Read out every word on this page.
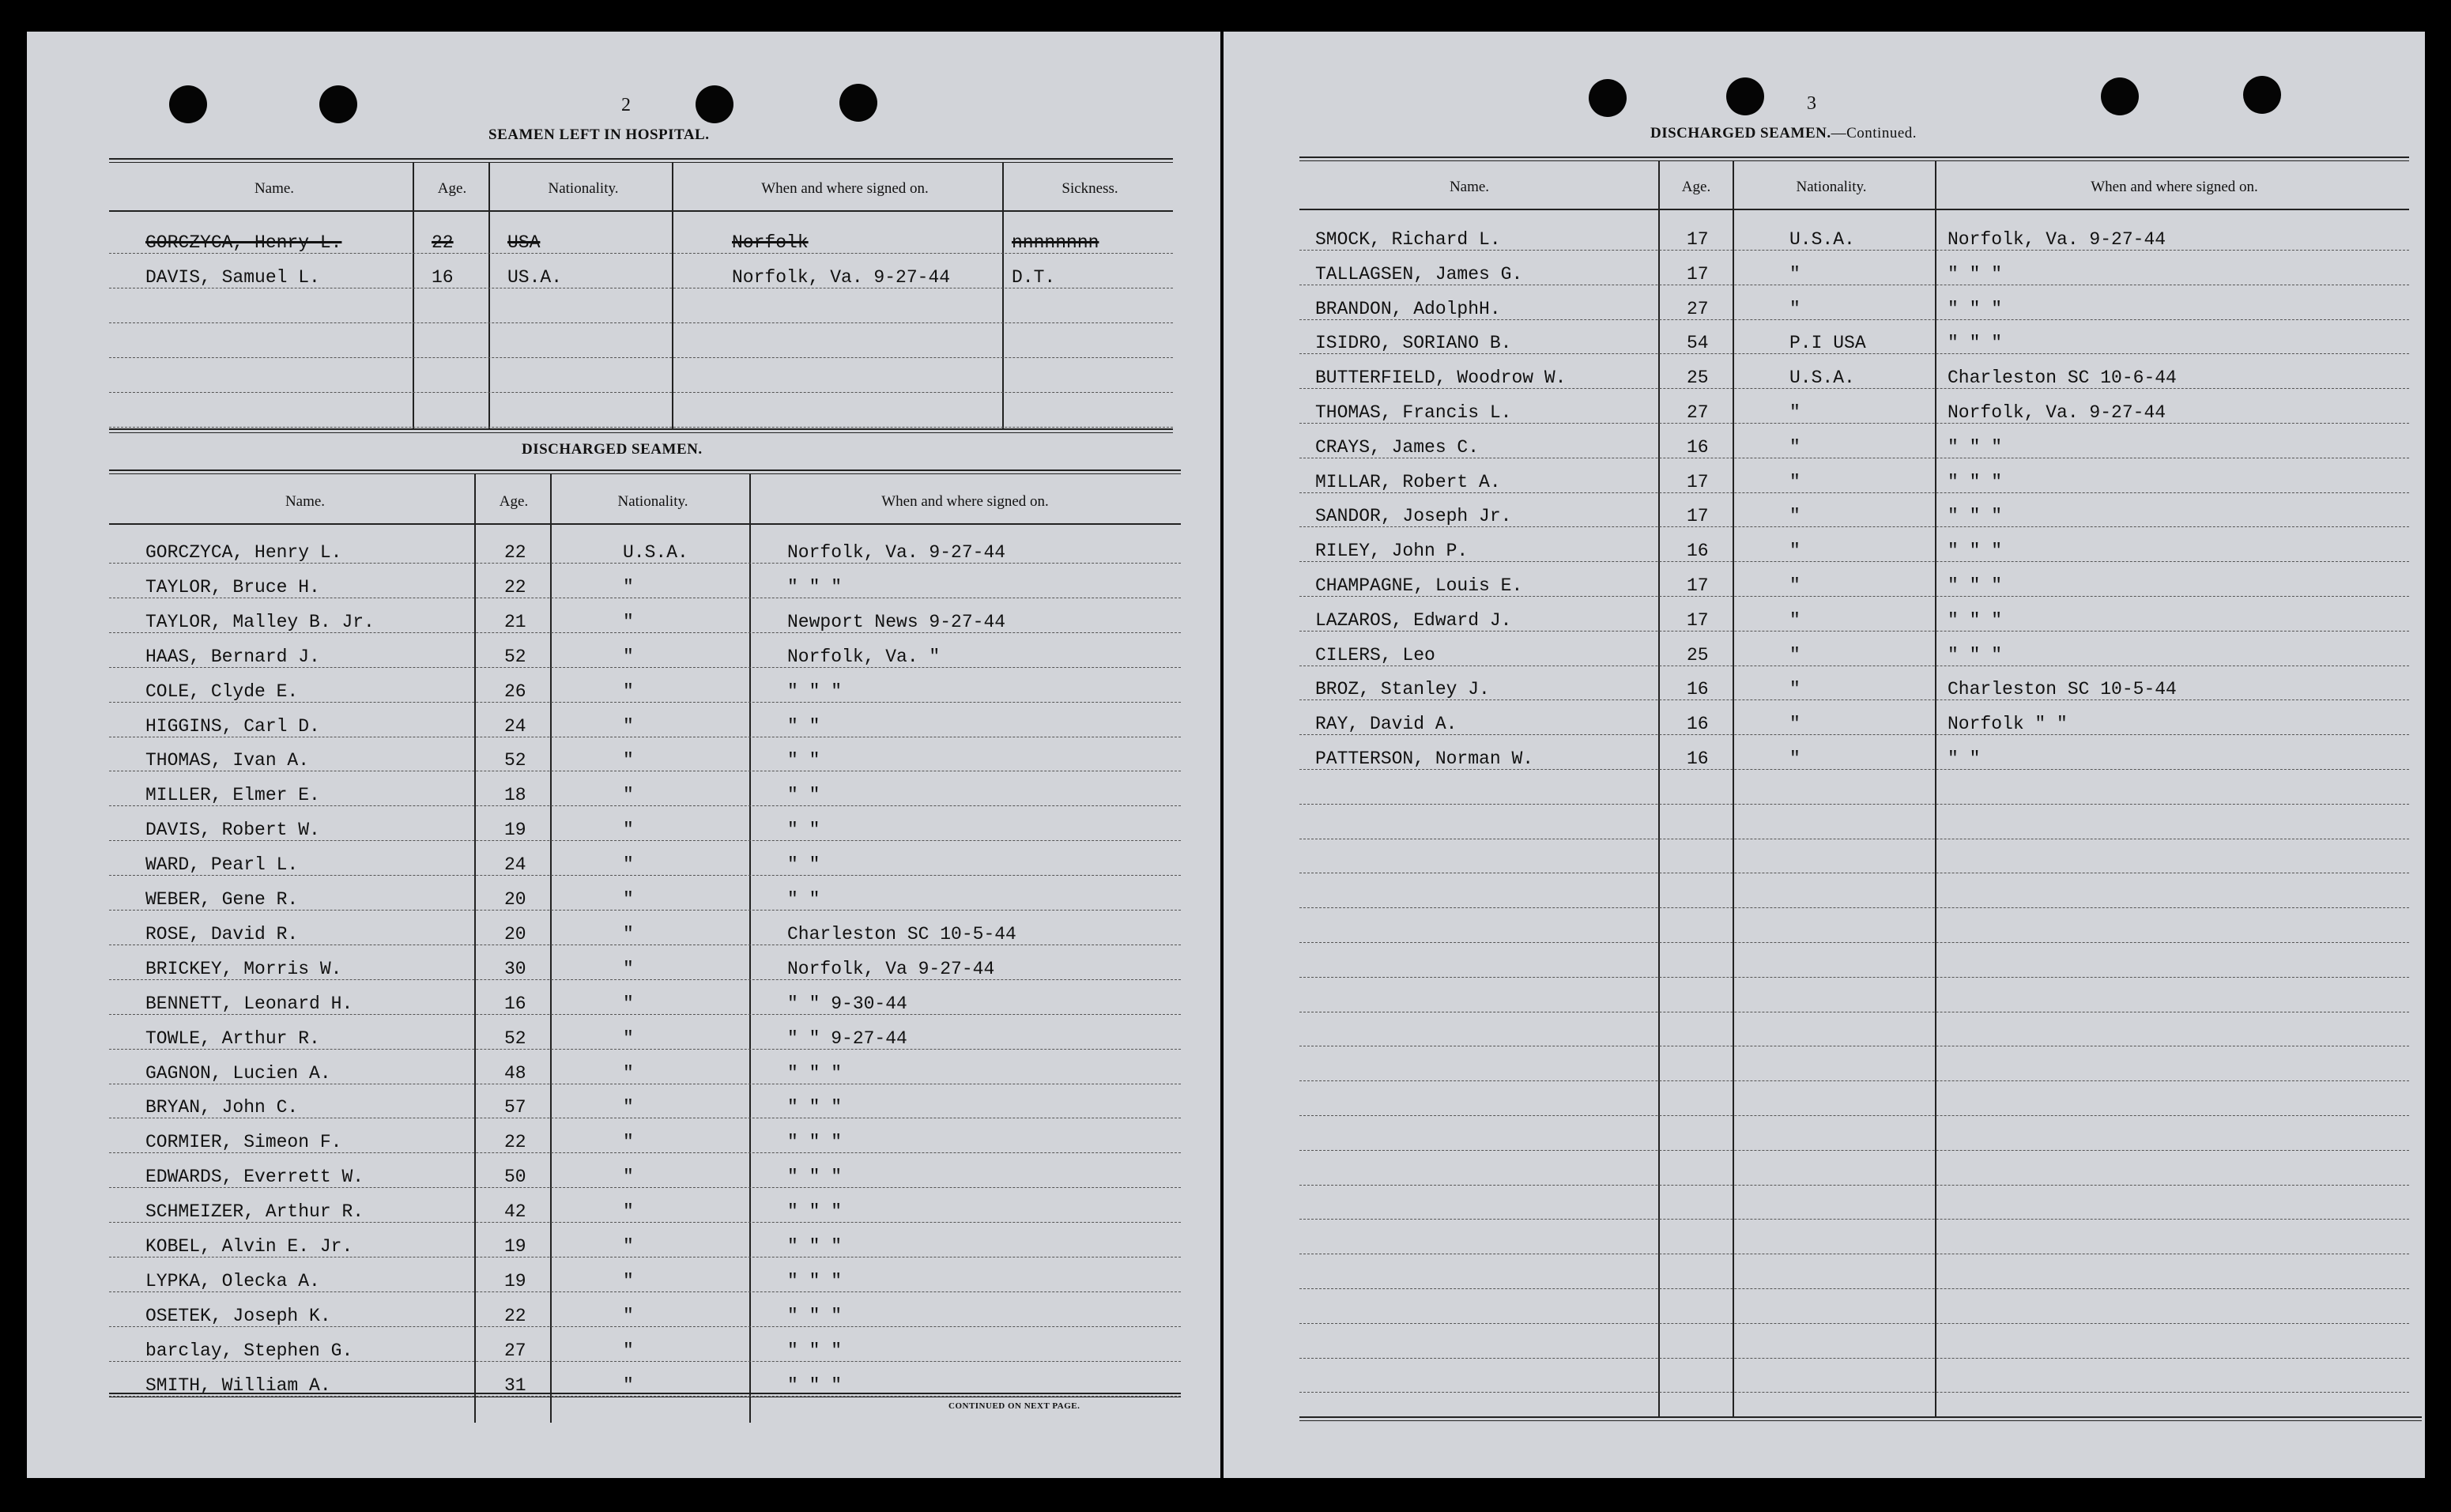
2
SEAMEN LEFT IN HOSPITAL.
Name.	Age.	Nationality.	When and where signed on.	Sickness.
GORCZYCA, Henry L.	22	USA	Norfolk	nnnnnnnn
DAVIS, Samuel L.	16	US.A.	Norfolk, Va. 9-27-44	D.T.
DISCHARGED SEAMEN.
Name.	Age.	Nationality.	When and where signed on.
GORCZYCA, Henry L.	22	U.S.A.	Norfolk, Va. 9-27-44
TAYLOR, Bruce H.	22	"	" " "
TAYLOR, Malley B. Jr.	21	"	Newport News 9-27-44
HAAS, Bernard J.	52	"	Norfolk, Va. "
COLE, Clyde E.	26	"	" " "
HIGGINS, Carl D.	24	"	" "
THOMAS, Ivan A.	52	"	" "
MILLER, Elmer E.	18	"	" "
DAVIS, Robert W.	19	"	" "
WARD, Pearl L.	24	"	" "
WEBER, Gene R.	20	"	" "
ROSE, David R.	20	"	Charleston SC 10-5-44
BRICKEY, Morris W.	30	"	Norfolk, Va 9-27-44
BENNETT, Leonard H.	16	"	" " 9-30-44
TOWLE, Arthur R.	52	"	" " 9-27-44
GAGNON, Lucien A.	48	"	" " "
BRYAN, John C.	57	"	" " "
CORMIER, Simeon F.	22	"	" " "
EDWARDS, Everrett W.	50	"	" " "
SCHMEIZER, Arthur R.	42	"	" " "
KOBEL, Alvin E. Jr.	19	"	" " "
LYPKA, Olecka A.	19	"	" " "
OSETEK, Joseph K.	22	"	" " "
barclay, Stephen G.	27	"	" " "
SMITH, William A.	31	"	" " "
CONTINUED ON NEXT PAGE.
3
DISCHARGED SEAMEN.—Continued.
Name.	Age.	Nationality.	When and where signed on.
SMOCK, Richard L.	17	U.S.A.	Norfolk, Va. 9-27-44
TALLAGSEN, James G.	17	"	" " "
BRANDON, AdolphH.	27	"	" " "
ISIDRO, SORIANO B.	54	P.I USA	" " "
BUTTERFIELD, Woodrow W.	25	U.S.A.	Charleston SC 10-6-44
THOMAS, Francis L.	27	"	Norfolk, Va. 9-27-44
CRAYS, James C.	16	"	" " "
MILLAR, Robert A.	17	"	" " "
SANDOR, Joseph Jr.	17	"	" " "
RILEY, John P.	16	"	" " "
CHAMPAGNE, Louis E.	17	"	" " "
LAZAROS, Edward J.	17	"	" " "
CILERS, Leo	25	"	" " "
BROZ, Stanley J.	16	"	Charleston SC 10-5-44
RAY, David A.	16	"	Norfolk " "
PATTERSON, Norman W.	16	"	" "
